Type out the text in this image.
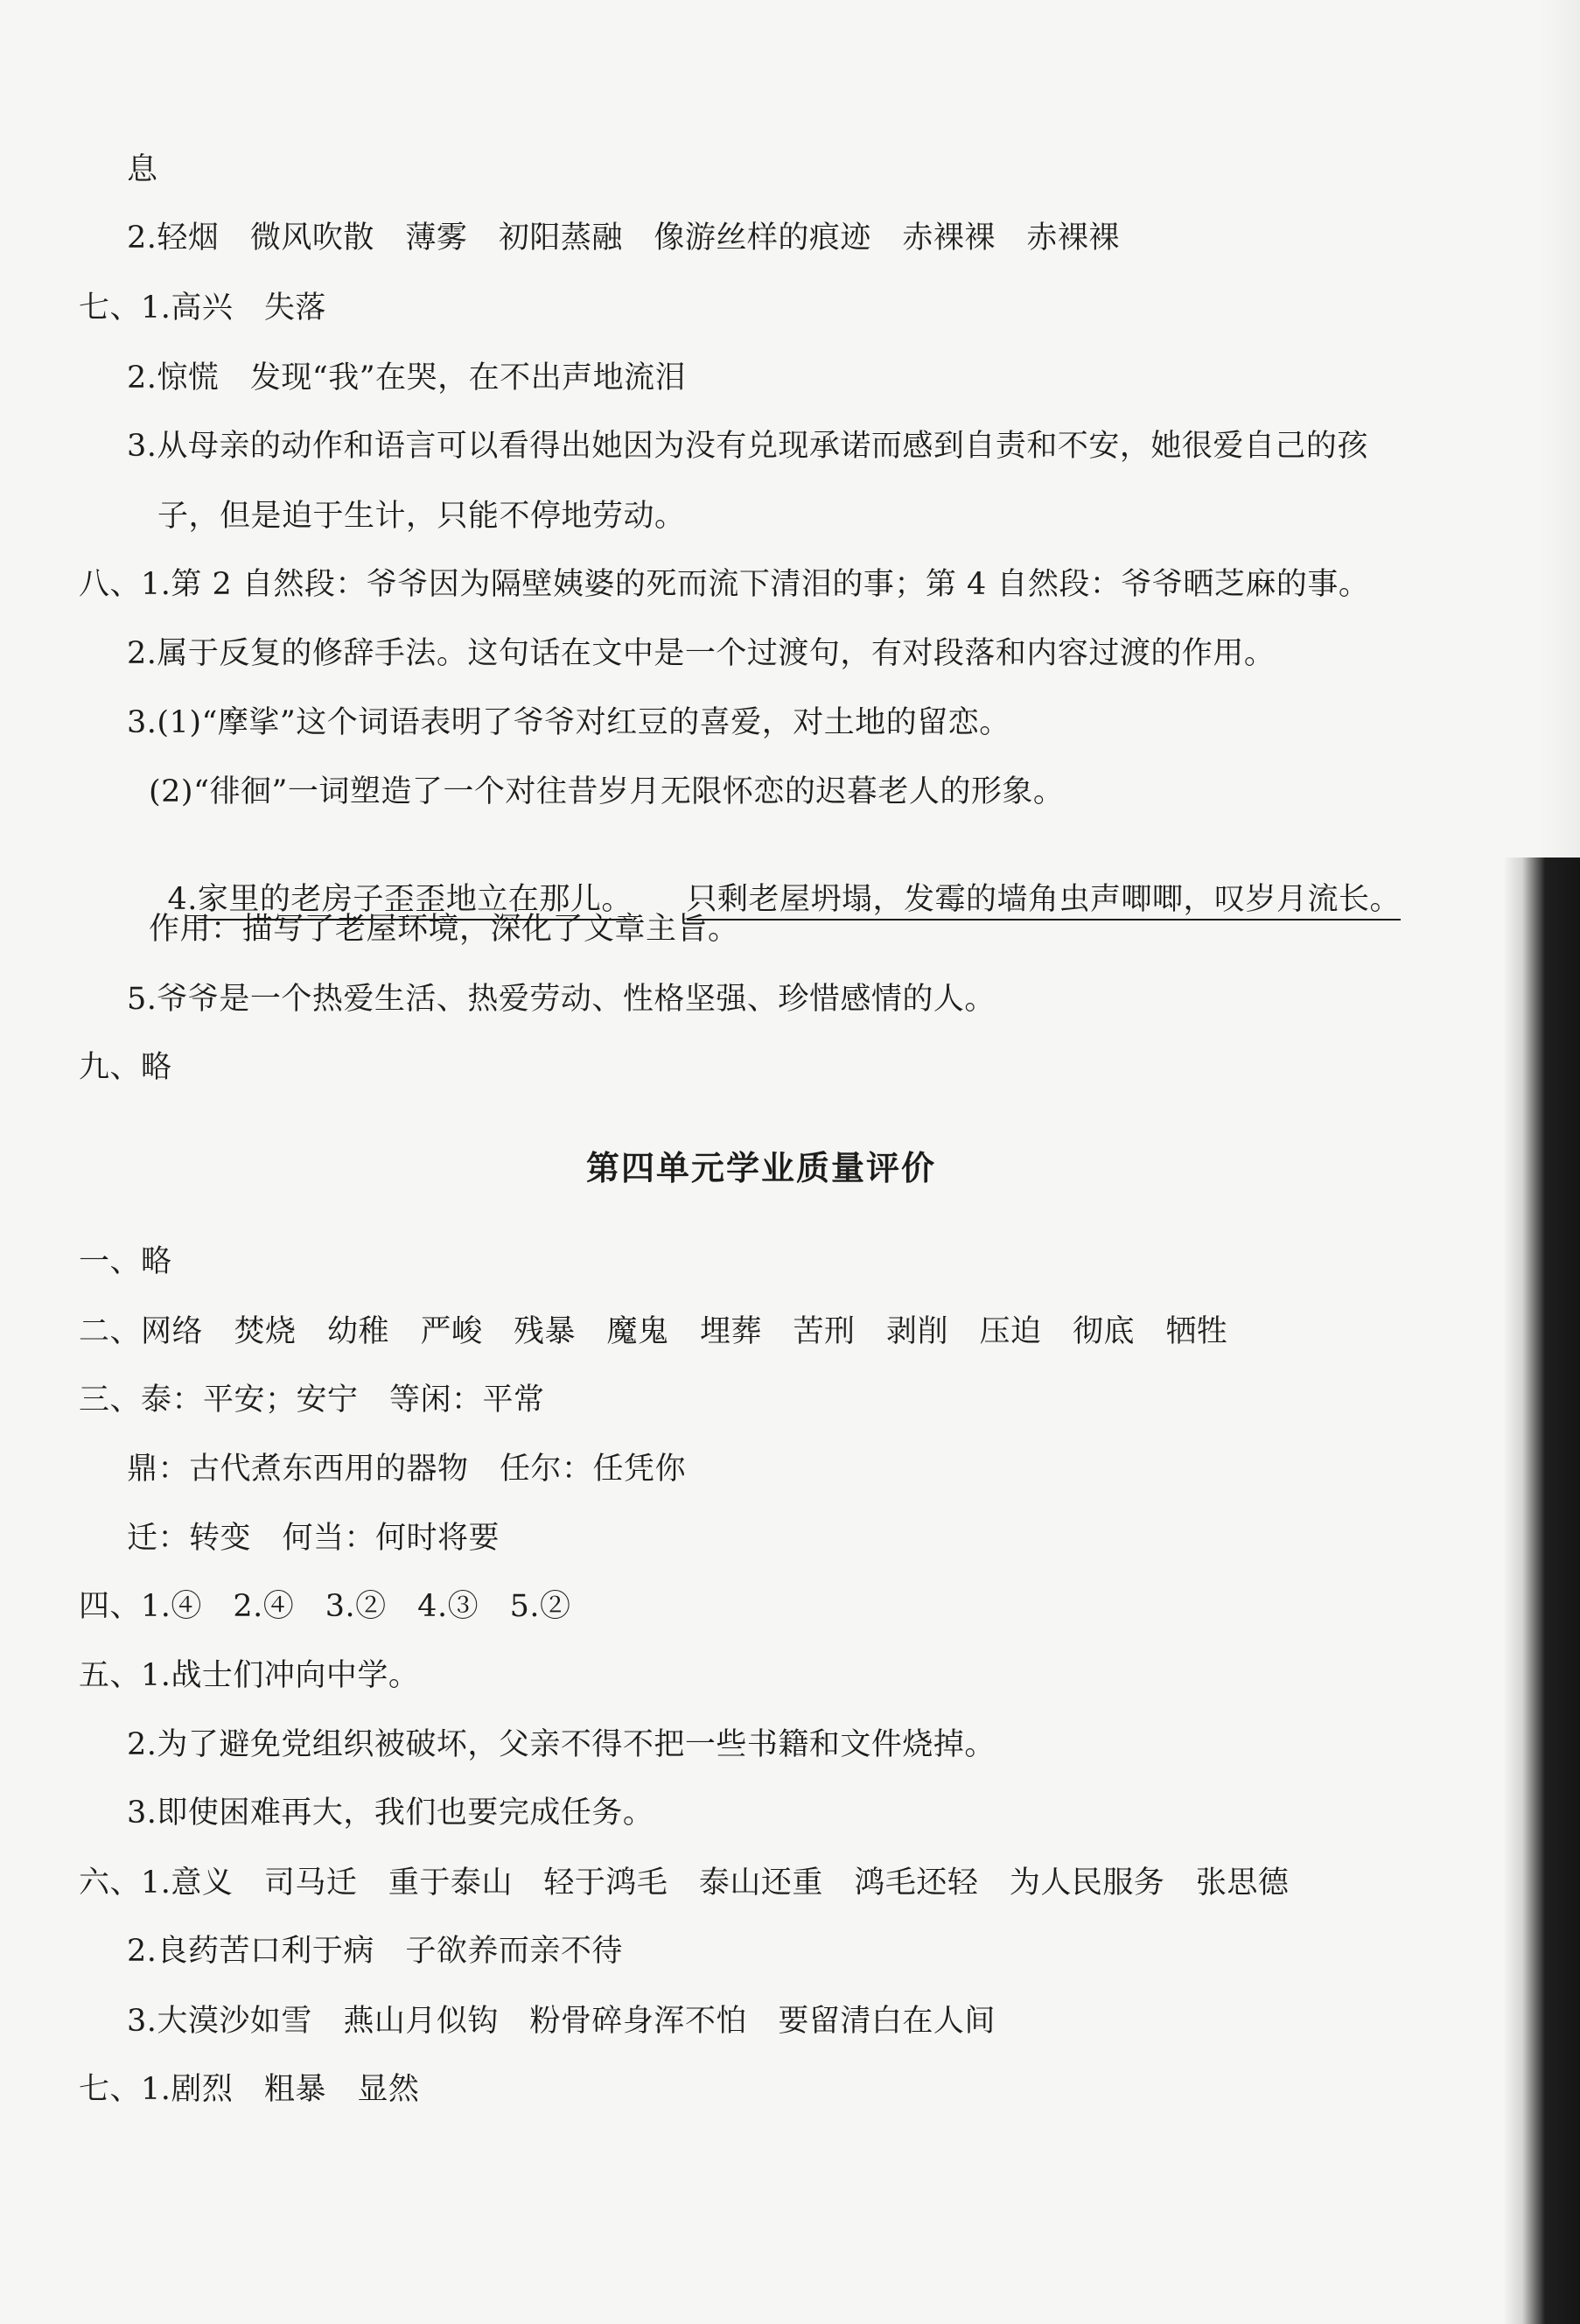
息
2.轻烟　微风吹散　薄雾　初阳蒸融　像游丝样的痕迹　赤裸裸　赤裸裸
七、1.高兴　失落
2.惊慌　发现“我”在哭，在不出声地流泪
3.从母亲的动作和语言可以看得出她因为没有兑现承诺而感到自责和不安，她很爱自己的孩
子，但是迫于生计，只能不停地劳动。
八、1.第 2 自然段：爷爷因为隔壁姨婆的死而流下清泪的事；第 4 自然段：爷爷晒芝麻的事。
2.属于反复的修辞手法。这句话在文中是一个过渡句，有对段落和内容过渡的作用。
3.(1)“摩挲”这个词语表明了爷爷对红豆的喜爱，对土地的留恋。
(2)“徘徊”一词塑造了一个对往昔岁月无限怀恋的迟暮老人的形象。

4.家里的老房子歪歪地立在那儿。
	只剩老屋坍塌，发霉的墙角虫声唧唧，叹岁月流长。

作用：描写了老屋环境，深化了文章主旨。
5.爷爷是一个热爱生活、热爱劳动、性格坚强、珍惜感情的人。
九、略
第四单元学业质量评价
一、略
二、网络　焚烧　幼稚　严峻　残暴　魔鬼　埋葬　苦刑　剥削　压迫　彻底　牺牲
三、泰：平安；安宁　等闲：平常
鼎：古代煮东西用的器物　任尔：任凭你
迁：转变　何当：何时将要
四、1.④　2.④　3.②　4.③　5.②
五、1.战士们冲向中学。
2.为了避免党组织被破坏，父亲不得不把一些书籍和文件烧掉。
3.即使困难再大，我们也要完成任务。
六、1.意义　司马迁　重于泰山　轻于鸿毛　泰山还重　鸿毛还轻　为人民服务　张思德
2.良药苦口利于病　子欲养而亲不待
3.大漠沙如雪　燕山月似钩　粉骨碎身浑不怕　要留清白在人间
七、1.剧烈　粗暴　显然
